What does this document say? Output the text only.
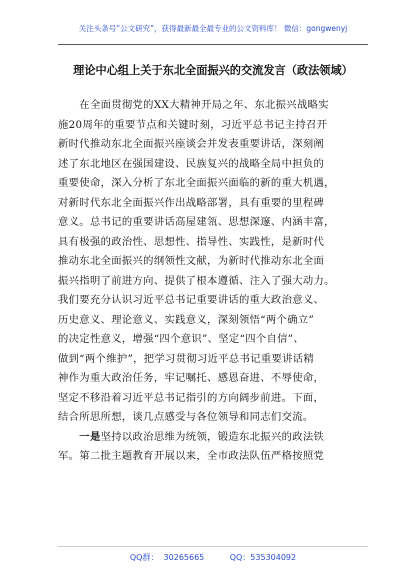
关注头条号“公文研究”，获得最新最全最专业的公文资料库！ 微信：gongwenyj
理论中心组上关于东北全面振兴的交流发言（政法领域）
　　在全面贯彻党的XX大精神开局之年、东北振兴战略实
施20周年的重要节点和关键时刻，习近平总书记主持召开
新时代推动东北全面振兴座谈会并发表重要讲话，深刻阐
述了东北地区在强国建设、民族复兴的战略全局中担负的
重要使命，深入分析了东北全面振兴面临的新的重大机遇，
对新时代东北全面振兴作出战略部署，具有重要的里程碑
意义。总书记的重要讲话高屋建瓴、思想深邃、内涵丰富，
具有极强的政治性、思想性、指导性、实践性，是新时代
推动东北全面振兴的纲领性文献，为新时代推动东北全面
振兴指明了前进方向、提供了根本遵循、注入了强大动力。
我们要充分认识习近平总书记重要讲话的重大政治意义、
历史意义、理论意义、实践意义，深刻领悟“两个确立”
的决定性意义，增强“四个意识”、坚定“四个自信”、
做到“两个维护”，把学习贯彻习近平总书记重要讲话精
神作为重大政治任务，牢记嘱托、感恩奋进、不辱使命，
坚定不移沿着习近平总书记指引的方向阔步前进。下面，
结合所思所想，谈几点感受与各位领导和同志们交流。
　　一是坚持以政治思维为统领，锻造东北振兴的政法铁
军。第二批主题教育开展以来，全市政法队伍严格按照党
QQ群：  30265665          QQ：535304092
